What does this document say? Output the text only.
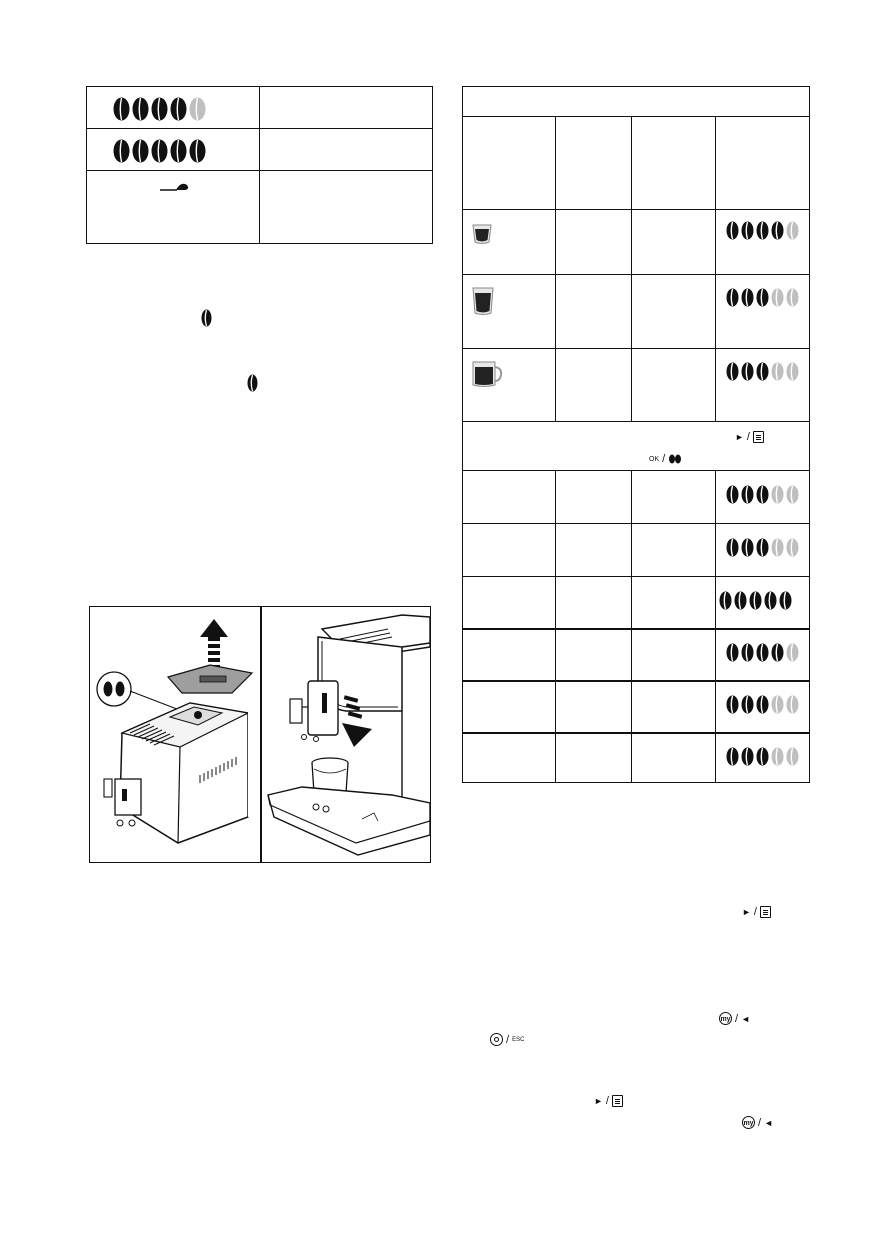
► /
OK /
► /
my / ◄
/ ESC
► /
my / ◄
